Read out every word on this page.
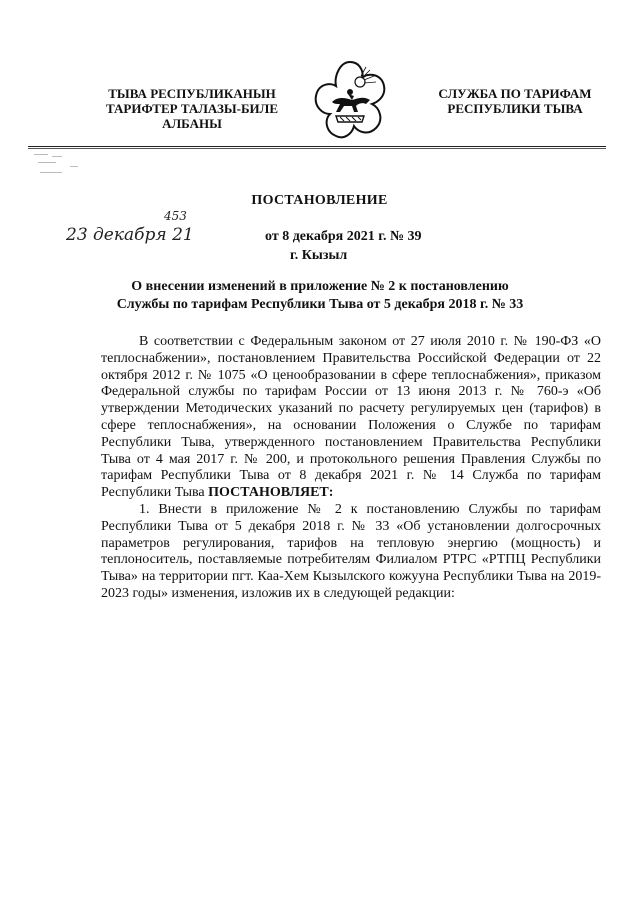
ТЫВА РЕСПУБЛИКАНЫН
ТАРИФТЕР ТАЛАЗЫ-БИЛЕ
АЛБАНЫ
СЛУЖБА ПО ТАРИФАМ
РЕСПУБЛИКИ ТЫВА
ПОСТАНОВЛЕНИЕ
23 декабря 21
453
от 8 декабря 2021 г. № 39
г. Кызыл
О внесении изменений в приложение № 2 к постановлению
Службы по тарифам Республики Тыва от 5 декабря 2018 г. № 33

В соответствии с Федеральным законом от 27 июля 2010 г. № 190-ФЗ «О теплоснабжении», постановлением Правительства Российской Федерации от 22 октября 2012 г. № 1075 «О ценообразовании в сфере теплоснабжения», приказом Федеральной службы по тарифам России от 13 июня 2013 г. № 760-э «Об утверждении Методических указаний по расчету регулируемых цен (тарифов) в сфере теплоснабжения», на основании Положения о Службе по тарифам Республики Тыва, утвержденного постановлением Правительства Республики Тыва от 4 мая 2017 г. № 200, и протокольного решения Правления Службы по тарифам Республики Тыва от 8 декабря 2021 г. № 14 Служба по тарифам Республики Тыва ПОСТАНОВЛЯЕТ:

1. Внести в приложение № 2 к постановлению Службы по тарифам Республики Тыва от 5 декабря 2018 г. № 33 «Об установлении долгосрочных параметров регулирования, тарифов на тепловую энергию (мощность) и теплоноситель, поставляемые потребителям Филиалом РТРС «РТПЦ Республики Тыва» на территории пгт. Каа-Хем Кызылского кожууна Республики Тыва на 2019-2023 годы» изменения, изложив их в следующей редакции:
